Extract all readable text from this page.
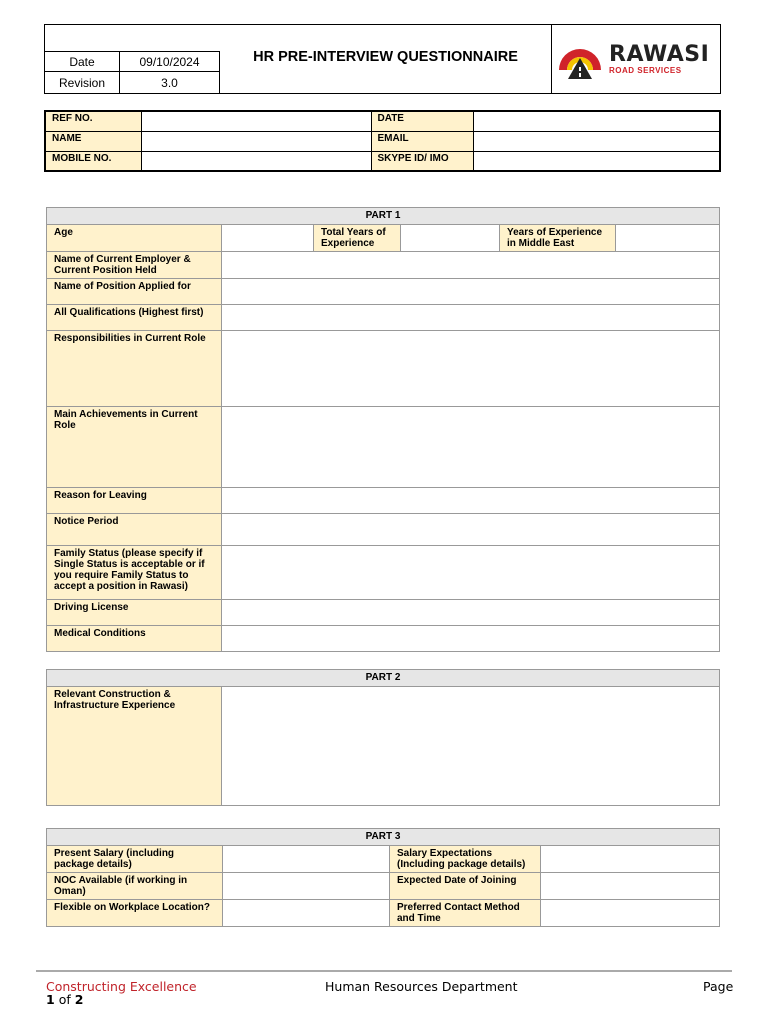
Date	09/10/2024
Revision	3.0
HR PRE-INTERVIEW QUESTIONNAIRE	RAWASI
ROAD SERVICES
REF NO.		DATE	
NAME		EMAIL	
MOBILE NO.		SKYPE ID/ IMO	
PART 1					
Age		Total Years of Experience		Years of Experience in Middle East	
Name of Current Employer & Current Position Held					
Name of Position Applied for					
All Qualifications (Highest first)					
Responsibilities in Current Role					
Main Achievements in Current Role					
Reason for Leaving					
Notice Period					
Family Status (please specify if Single Status is acceptable or if you require Family Status to accept a position in Rawasi)					
Driving License					
Medical Conditions					
PART 2
Relevant Construction & Infrastructure Experience	
PART 3			
Present Salary (including package details)		Salary Expectations (Including package details)	
NOC Available (if working in Oman)		Expected Date of Joining	
Flexible on Workplace Location?		Preferred Contact Method and Time	
Constructing Excellence	Human Resources Department	Page
1 of 2
